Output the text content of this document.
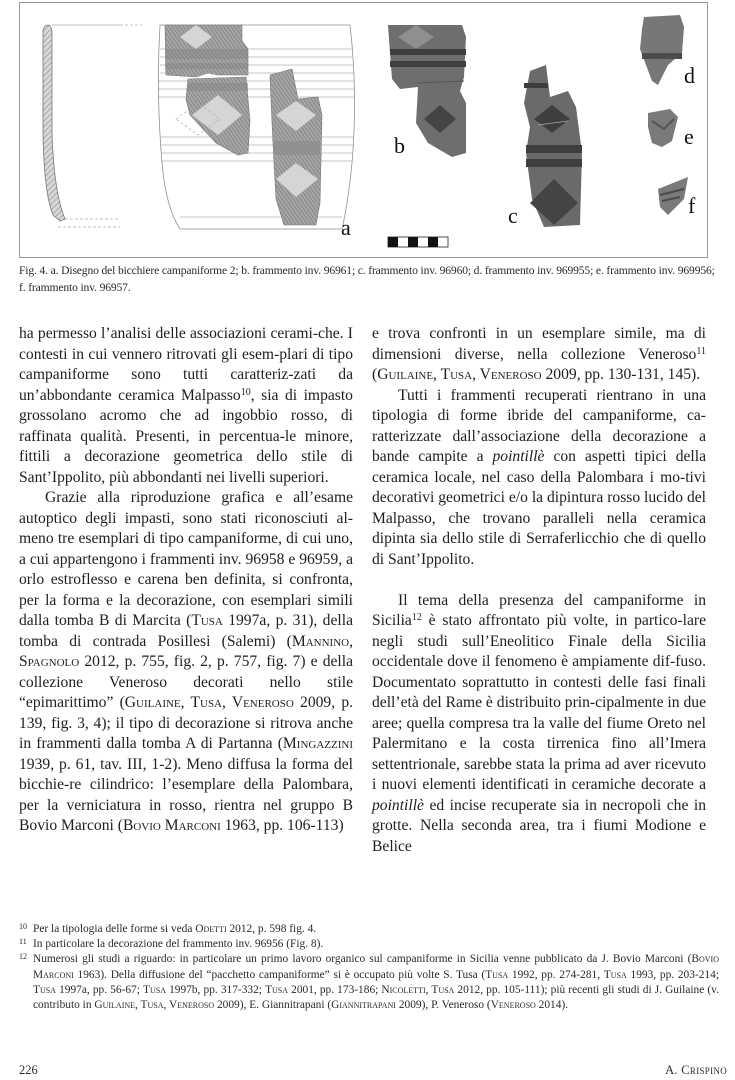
a
b
c
d
e
f
Fig. 4. a. Disegno del bicchiere campaniforme 2; b. frammento inv. 96961; c. frammento inv. 96960; d. frammento inv. 969955; e. frammento inv. 969956; f. frammento inv. 96957.

ha permesso l’analisi delle associazioni cerami-che. I contesti in cui vennero ritrovati gli esem-plari di tipo campaniforme sono tutti caratteriz-zati da un’abbondante ceramica Malpasso$^{10}$, sia di impasto grossolano acromo che ad ingobbio rosso, di raffinata qualità. Presenti, in percentua-le minore, fittili a decorazione geometrica dello stile di Sant’Ippolito, più abbondanti nei livelli superiori.

Grazie alla riproduzione grafica e all’esame autoptico degli impasti, sono stati riconosciuti al-meno tre esemplari di tipo campaniforme, di cui uno, a cui appartengono i frammenti inv. 96958 e 96959, a orlo estroflesso e carena ben definita, si confronta, per la forma e la decorazione, con esemplari simili dalla tomba B di Marcita (Tusa 1997a, p. 31), della tomba di contrada Posillesi (Salemi) (Mannino, Spagnolo 2012, p. 755, fig. 2, p. 757, fig. 7) e della collezione Veneroso decorati nello stile “epimarittimo” (Guilaine, Tusa, Veneroso 2009, p. 139, fig. 3, 4); il tipo di decorazione si ritrova anche in frammenti dalla tomba A di Partanna (Mingazzini 1939, p. 61, tav. III, 1-2). Meno diffusa la forma del bicchie-re cilindrico: l’esemplare della Palombara, per la verniciatura in rosso, rientra nel gruppo B Bovio Marconi (Bovio Marconi 1963, pp. 106-113)

e trova confronti in un esemplare simile, ma di dimensioni diverse, nella collezione Veneroso$^{11}$ (Guilaine, Tusa, Veneroso 2009, pp. 130-131, 145).

Tutti i frammenti recuperati rientrano in una tipologia di forme ibride del campaniforme, ca-ratterizzate dall’associazione della decorazione a bande campite a pointillè con aspetti tipici della ceramica locale, nel caso della Palombara i mo-tivi decorativi geometrici e/o la dipintura rosso lucido del Malpasso, che trovano paralleli nella ceramica dipinta sia dello stile di Serraferlicchio che di quello di Sant’Ippolito.

Il tema della presenza del campaniforme in Sicilia$^{12}$ è stato affrontato più volte, in partico-lare negli studi sull’Eneolitico Finale della Sicilia occidentale dove il fenomeno è ampiamente dif-fuso. Documentato soprattutto in contesti delle fasi finali dell’età del Rame è distribuito prin-cipalmente in due aree; quella compresa tra la valle del fiume Oreto nel Palermitano e la costa tirrenica fino all’Imera settentrionale, sarebbe stata la prima ad aver ricevuto i nuovi elementi identificati in ceramiche decorate a pointillè ed incise recuperate sia in necropoli che in grotte. Nella seconda area, tra i fiumi Modione e Belice

10 Per la tipologia delle forme si veda Odetti 2012, p. 598 fig. 4.

11 In particolare la decorazione del frammento inv. 96956 (Fig. 8).

12 Numerosi gli studi a riguardo: in particolare un primo lavoro organico sul campaniforme in Sicilia venne pubblicato da J. Bovio Marconi (Bovio Marconi 1963). Della diffusione del “pacchetto campaniforme” si è occupato più volte S. Tusa (Tusa 1992, pp. 274-281, Tusa 1993, pp. 203-214; Tusa 1997a, pp. 56-67; Tusa 1997b, pp. 317-332; Tusa 2001, pp. 173-186; Nicoletti, Tusa 2012, pp. 105-111); più recenti gli studi di J. Guilaine (v. contributo in Guilaine, Tusa, Veneroso 2009), E. Giannitrapani (Giannitrapani 2009), P. Veneroso (Veneroso 2014).

226	A. Crispino
